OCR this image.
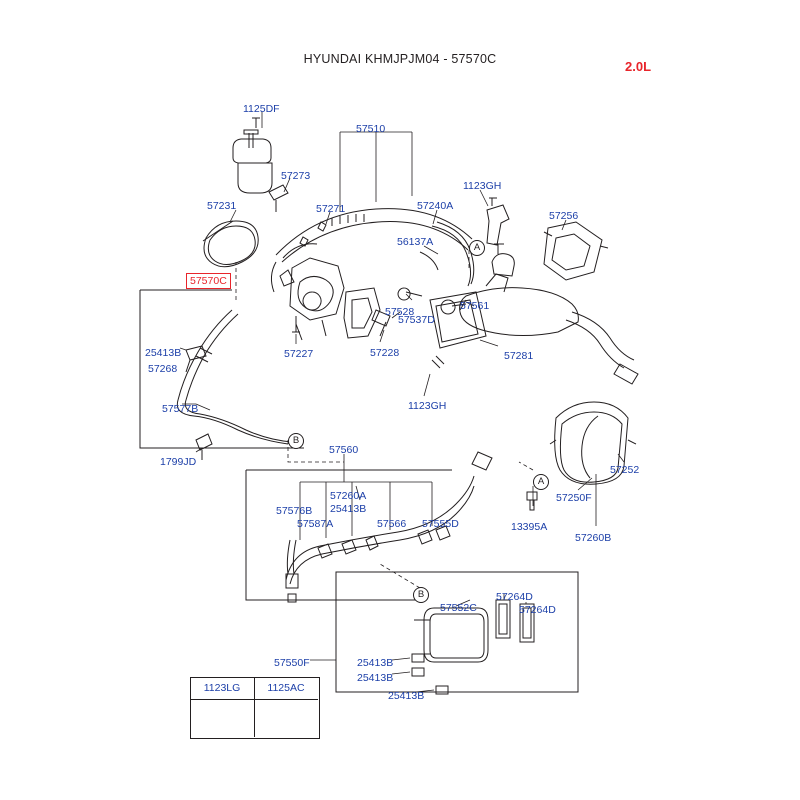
HYUNDAI KHMJPJM04 - 57570C	2.0L
1123LG	1125AC
57570C
1125DF
57510
57273
1123GH
57231	57271	57240A
57256
56137A
57528	57561
57537D
57227	57228	57281
25413B
57268
57577B	1123GH
1799JD
57560
57252
57250F
57260A
25413B
57576B
57587A	57566 57555D	13395A
57260B
57552C
57264D
57264D
57550F	25413B
25413B
25413B
A
B
A
B
